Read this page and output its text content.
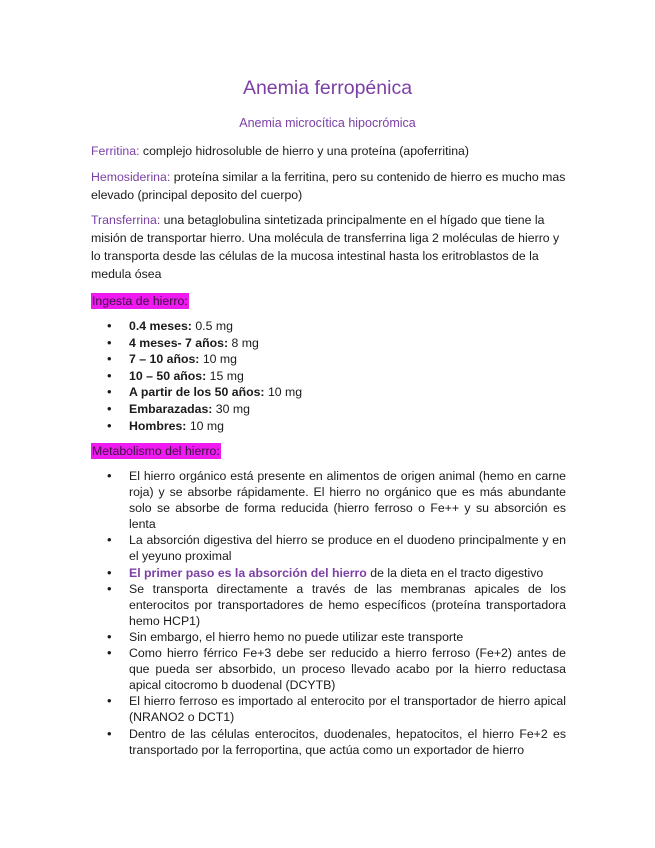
Anemia ferropénica
Anemia microcítica hipocrómica

Ferritina: complejo hidrosoluble de hierro y una proteína (apoferritina)

Hemosiderina: proteína similar a la ferritina, pero su contenido de hierro es mucho mas elevado (principal deposito del cuerpo)

Transferrina: una betaglobulina sintetizada principalmente en el hígado que tiene la misión de transportar hierro. Una molécula de transferrina liga 2 moléculas de hierro y lo transporta desde las células de la mucosa intestinal hasta los eritroblastos de la medula ósea

Ingesta de hierro:
• 0.4 meses: 0.5 mg
• 4 meses- 7 años: 8 mg
• 7 – 10 años: 10 mg
• 10 – 50 años: 15 mg
• A partir de los 50 años: 10 mg
• Embarazadas: 30 mg
• Hombres: 10 mg
Metabolismo del hierro:
• El hierro orgánico está presente en alimentos de origen animal (hemo en carne roja) y se absorbe rápidamente. El hierro no orgánico que es más abundante solo se absorbe de forma reducida (hierro ferroso o Fe++ y su absorción es lenta
• La absorción digestiva del hierro se produce en el duodeno principalmente y en el yeyuno proximal
• El primer paso es la absorción del hierro de la dieta en el tracto digestivo
• Se transporta directamente a través de las membranas apicales de los enterocitos por transportadores de hemo específicos (proteína transportadora hemo HCP1)
• Sin embargo, el hierro hemo no puede utilizar este transporte
• Como hierro férrico Fe+3 debe ser reducido a hierro ferroso (Fe+2) antes de que pueda ser absorbido, un proceso llevado acabo por la hierro reductasa apical citocromo b duodenal (DCYTB)
• El hierro ferroso es importado al enterocito por el transportador de hierro apical (NRANO2 o DCT1)
• Dentro de las células enterocitos, duodenales, hepatocitos, el hierro Fe+2 es transportado por la ferroportina, que actúa como un exportador de hierro
